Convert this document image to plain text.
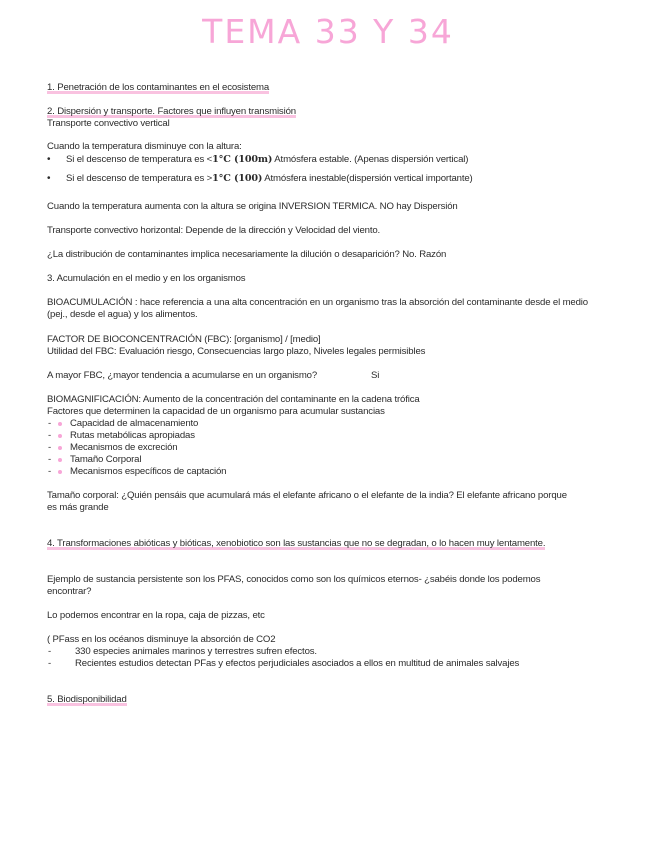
TEMA 33 Y 34
1. Penetración de los contaminantes en el ecosistema
2. Dispersión y transporte. Factores que influyen transmisión
Transporte convectivo vertical
Cuando la temperatura disminuye con la altura:
• Si el descenso de temperatura es <1°C (100m) Atmósfera estable. (Apenas dispersión vertical)
• Si el descenso de temperatura es >1°C (100) Atmósfera inestable(dispersión vertical importante)
Cuando la temperatura aumenta con la altura se origina INVERSION TERMICA. NO hay Dispersión
Transporte convectivo horizontal: Depende de la dirección y Velocidad del viento.
¿La distribución de contaminantes implica necesariamente la dilución o desaparición? No. Razón
3. Acumulación en el medio y en los organismos
BIOACUMULACIÓN : hace referencia a una alta concentración en un organismo tras la absorción del contaminante desde el medio
(pej., desde el agua) y los alimentos.
FACTOR DE BIOCONCENTRACIÓN (FBC): [organismo] / [medio]
Utilidad del FBC: Evaluación riesgo, Consecuencias largo plazo, Niveles legales permisibles
A mayor FBC, ¿mayor tendencia a acumularse en un organismo?	Si
BIOMAGNIFICACIÓN: Aumento de la concentración del contaminante en la cadena trófica
Factores que determinen la capacidad de un organismo para acumular sustancias
- Capacidad de almacenamiento
- Rutas metabólicas apropiadas
- Mecanismos de excreción
- Tamaño Corporal
- Mecanismos específicos de captación
Tamaño corporal: ¿Quién pensáis que acumulará más el elefante africano o el elefante de la india? El elefante africano porque
es más grande
4. Transformaciones abióticas y bióticas, xenobiotico son las sustancias que no se degradan, o lo hacen muy lentamente.
Ejemplo de sustancia persistente son los PFAS, conocidos como son los químicos eternos- ¿sabéis donde los podemos
encontrar?
Lo podemos encontrar en la ropa, caja de pizzas, etc
( PFass en los océanos disminuye la absorción de CO2
- 330 especies animales marinos y terrestres sufren efectos.
- Recientes estudios detectan PFas y efectos perjudiciales asociados a ellos en multitud de animales salvajes
5. Biodisponibilidad
